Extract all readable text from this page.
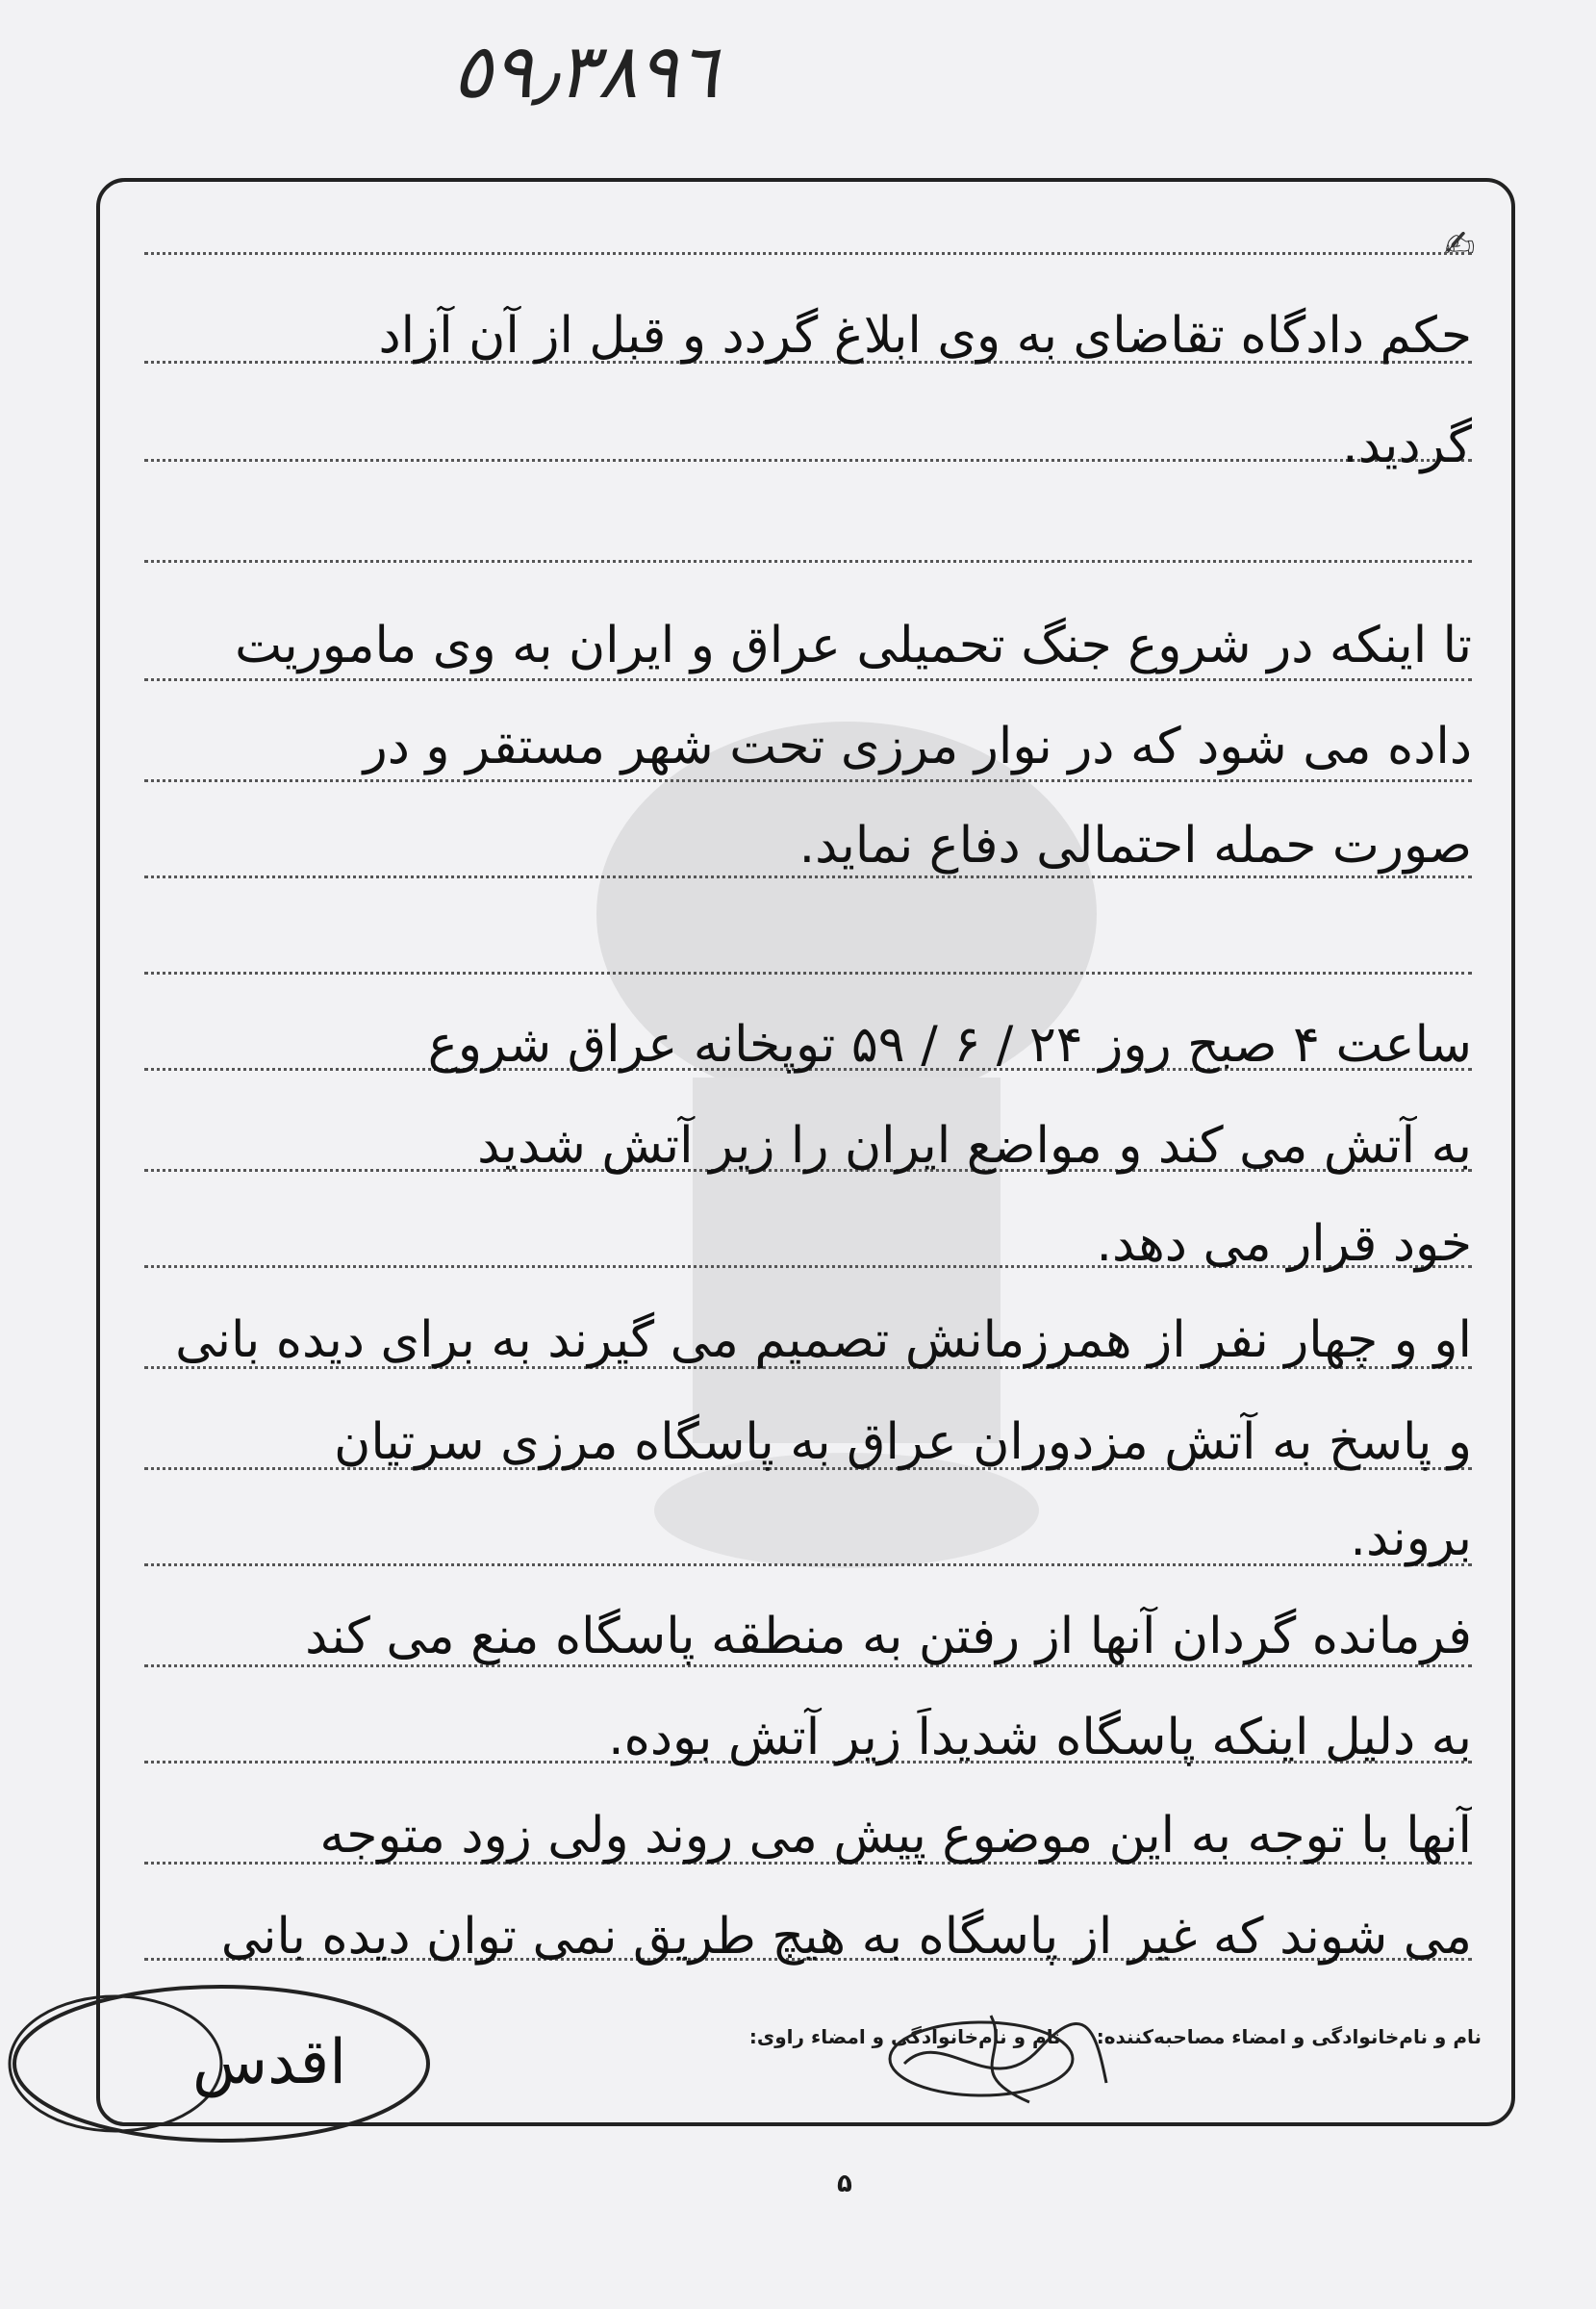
٥٩٫٣٨٩٦
✍
حکم دادگاه تقاضای به وی ابلاغ گردد و قبل از آن آزاد
گردید.
تا اینکه در شروع جنگ تحمیلی عراق و ایران به وی ماموریت
داده می شود که در نوار مرزی تحت شهر مستقر و در
صورت حمله احتمالی دفاع نماید.
ساعت ۴ صبح روز ۲۴ / ۶ / ۵۹ توپخانه عراق شروع
به آتش می کند و مواضع ایران را زیر آتش شدید
خود قرار می دهد.
او و چهار نفر از همرزمانش تصمیم می گیرند به برای دیده بانی
و پاسخ به آتش مزدوران عراق به پاسگاه مرزی سرتیان
بروند.
فرمانده گردان آنها از رفتن به منطقه پاسگاه منع می کند
به دلیل اینکه پاسگاه شدیداً زیر آتش بوده.
آنها با توجه به این موضوع پیش می روند ولی زود متوجه
می شوند که غیر از پاسگاه به هیچ طریق نمی توان دیده بانی
نام و نام‌خانوادگی و امضاء مصاحبه‌کننده: نام و نام‌خانوادگی و امضاء راوی:
اقدس
۵
